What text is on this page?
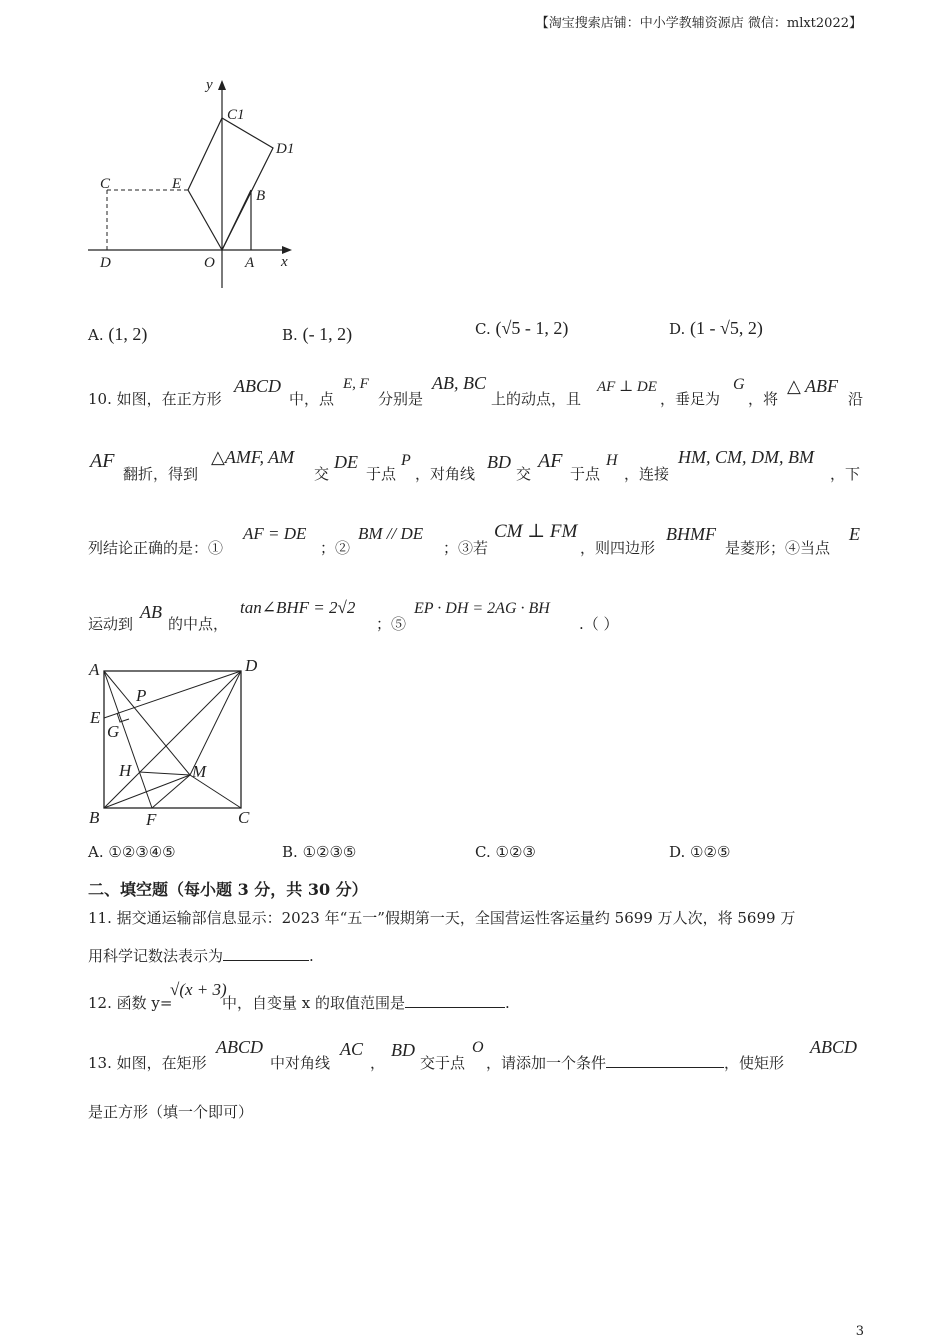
【淘宝搜索店铺：中小学教辅资源店 微信：mlxt2022】
y
C1
D1
C	E
B
D	O A x
A. (1, 2)	B. (- 1, 2)	C. (√5 - 1, 2)	D. (1 - √5, 2)
10. 如图，在正方形
ABCD
中，点
E, F
分别是
AB, BC
上的动点，且
AF ⊥ DE
，垂足为
G
，将
△ ABF
沿
AF
翻折，得到
△AMF, AM
交
DE
于点
P
，对角线
BD
交
AF
于点
H
，连接
HM, CM, DM, BM
，下
列结论正确的是：①
AF = DE
；②
BM // DE
；③若
CM ⊥ FM
，则四边形
BHMF
是菱形；④当点
E
运动到
AB
的中点，
tan∠BHF = 2√2
；⑤
EP · DH = 2AG · BH
.（ ）
A	D
P
E
G
H	M
B	F	C
A. ①②③④⑤	B. ①②③⑤	C. ①②③	D. ①②⑤
二、填空题（每小题 3 分，共 30 分）
11. 据交通运输部信息显示：2023 年“五一”假期第一天，全国营运性客运量约 5699 万人次，将 5699 万
用科学记数法表示为	.
12. 函数 y=
√(x + 3)
中，自变量 x 的取值范围是	.
13. 如图，在矩形
ABCD
中对角线
AC
，
BD
交于点
O
，请添加一个条件	，使矩形
ABCD
是正方形（填一个即可）
3
